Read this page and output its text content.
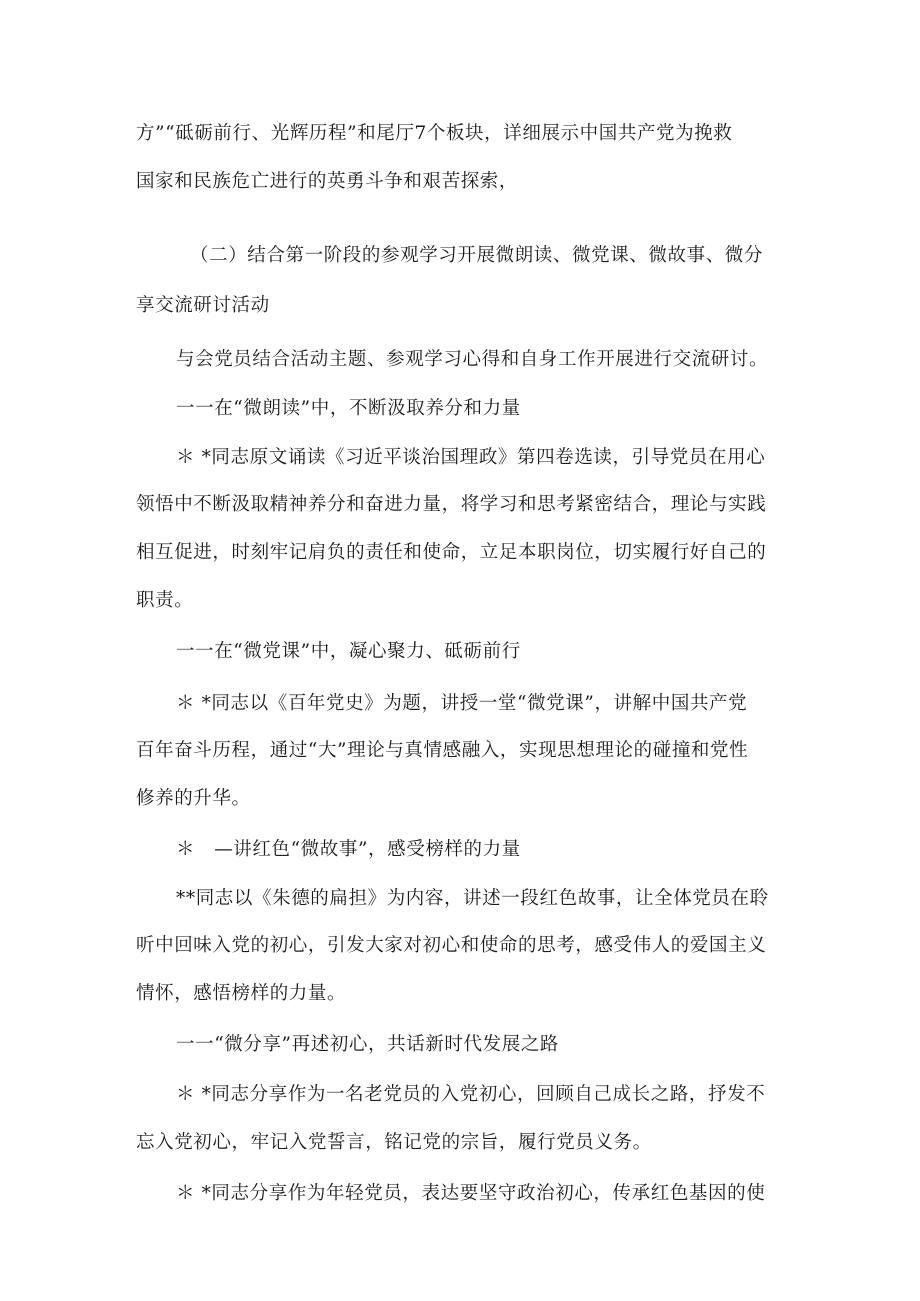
方”“砥砺前行、光辉历程”和尾厅7个板块，详细展示中国共产党为挽救
国家和民族危亡进行的英勇斗争和艰苦探索，
（二）结合第一阶段的参观学习开展微朗读、微党课、微故事、微分
享交流研讨活动
与会党员结合活动主题、参观学习心得和自身工作开展进行交流研讨。
一一在“微朗读”中，不断汲取养分和力量
＊ *同志原文诵读《习近平谈治国理政》第四卷选读，引导党员在用心
领悟中不断汲取精神养分和奋进力量，将学习和思考紧密结合，理论与实践
相互促进，时刻牢记肩负的责任和使命，立足本职岗位，切实履行好自己的
职责。
一一在“微党课”中，凝心聚力、砥砺前行
＊ *同志以《百年党史》为题，讲授一堂“微党课”，讲解中国共产党
百年奋斗历程，通过“大”理论与真情感融入，实现思想理论的碰撞和党性
修养的升华。
＊　—讲红色“微故事”，感受榜样的力量
**同志以《朱德的扁担》为内容，讲述一段红色故事，让全体党员在聆
听中回味入党的初心，引发大家对初心和使命的思考，感受伟人的爱国主义
情怀，感悟榜样的力量。
一一“微分享”再述初心，共话新时代发展之路
＊ *同志分享作为一名老党员的入党初心，回顾自己成长之路，抒发不
忘入党初心，牢记入党誓言，铭记党的宗旨，履行党员义务。
＊ *同志分享作为年轻党员，表达要坚守政治初心，传承红色基因的使
